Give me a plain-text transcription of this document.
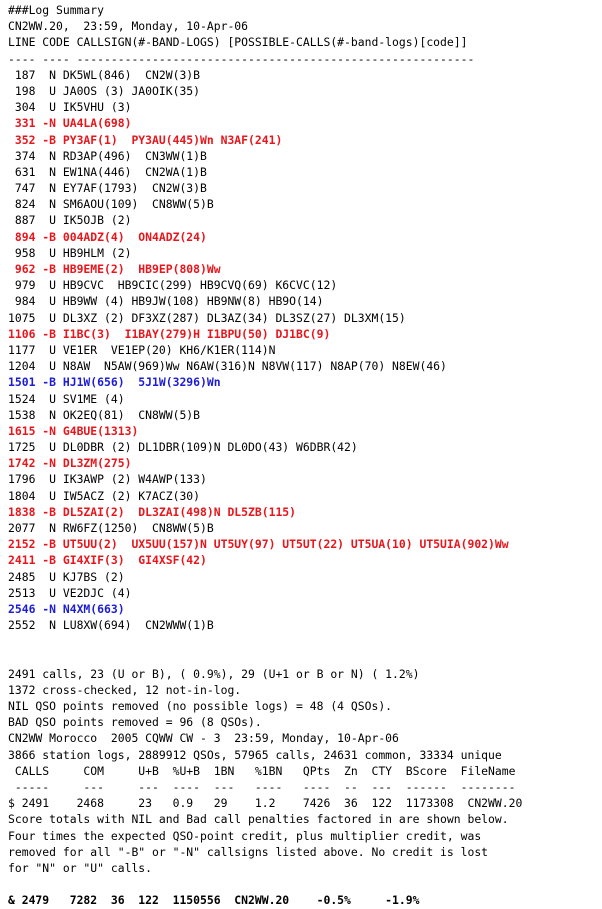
###Log Summary
CN2WW.20,  23:59, Monday, 10-Apr-06
LINE CODE CALLSIGN(#-BAND-LOGS) [POSSIBLE-CALLS(#-band-logs)[code]]
---- ---- ----------------------------------------------------------
187  N DK5WL(846)  CN2W(3)B
198  U JA0OS (3) JA0OIK(35)
304  U IK5VHU (3)
331 -N UA4LA(698)
352 -B PY3AF(1)  PY3AU(445)Wn N3AF(241)
374  N RD3AP(496)  CN3WW(1)B
631  N EW1NA(446)  CN2WA(1)B
747  N EY7AF(1793)  CN2W(3)B
824  N SM6AOU(109)  CN8WW(5)B
887  U IK5OJB (2)
894 -B 004ADZ(4)  ON4ADZ(24)
958  U HB9HLM (2)
962 -B HB9EME(2)  HB9EP(808)Ww
979  U HB9CVC  HB9CIC(299) HB9CVQ(69) K6CVC(12)
984  U HB9WW (4) HB9JW(108) HB9NW(8) HB9O(14)
1075  U DL3XZ (2) DF3XZ(287) DL3AZ(34) DL3SZ(27) DL3XM(15)
1106 -B I1BC(3)  I1BAY(279)H I1BPU(50) DJ1BC(9)
1177  U VE1ER  VE1EP(20) KH6/K1ER(114)N
1204  U N8AW  N5AW(969)Ww N6AW(316)N N8VW(117) N8AP(70) N8EW(46)
1501 -B HJ1W(656)  5J1W(3296)Wn
1524  U SV1ME (4)
1538  N OK2EQ(81)  CN8WW(5)B
1615 -N G4BUE(1313)
1725  U DL0DBR (2) DL1DBR(109)N DL0DO(43) W6DBR(42)
1742 -N DL3ZM(275)
1796  U IK3AWP (2) W4AWP(133)
1804  U IW5ACZ (2) K7ACZ(30)
1838 -B DL5ZAI(2)  DL3ZAI(498)N DL5ZB(115)
2077  N RW6FZ(1250)  CN8WW(5)B
2152 -B UT5UU(2)  UX5UU(157)N UT5UY(97) UT5UT(22) UT5UA(10) UT5UIA(902)Ww
2411 -B GI4XIF(3)  GI4XSF(42)
2485  U KJ7BS (2)
2513  U VE2DJC (4)
2546 -N N4XM(663)
2552  N LU8XW(694)  CN2WWW(1)B
2491 calls, 23 (U or B), ( 0.9%), 29 (U+1 or B or N) ( 1.2%)
1372 cross-checked, 12 not-in-log.
NIL QSO points removed (no possible logs) = 48 (4 QSOs).
BAD QSO points removed = 96 (8 QSOs).
CN2WW Morocco  2005 CQWW CW - 3  23:59, Monday, 10-Apr-06
3866 station logs, 2889912 QSOs, 57965 calls, 24631 common, 33334 unique
CALLS     COM     U+B  %U+B  1BN   %1BN   QPts  Zn  CTY  BScore  FileName
-----     ---     ---  ----  ---   ----   ----  --  ---  ------  --------
$ 2491    2468     23   0.9   29    1.2    7426  36  122  1173308  CN2WW.20
Score totals with NIL and Bad call penalties factored in are shown below.
Four times the expected QSO-point credit, plus multiplier credit, was
removed for all "-B" or "-N" callsigns listed above. No credit is lost
for "N" or "U" calls.
& 2479   7282  36  122  1150556  CN2WW.20    -0.5%     -1.9%
